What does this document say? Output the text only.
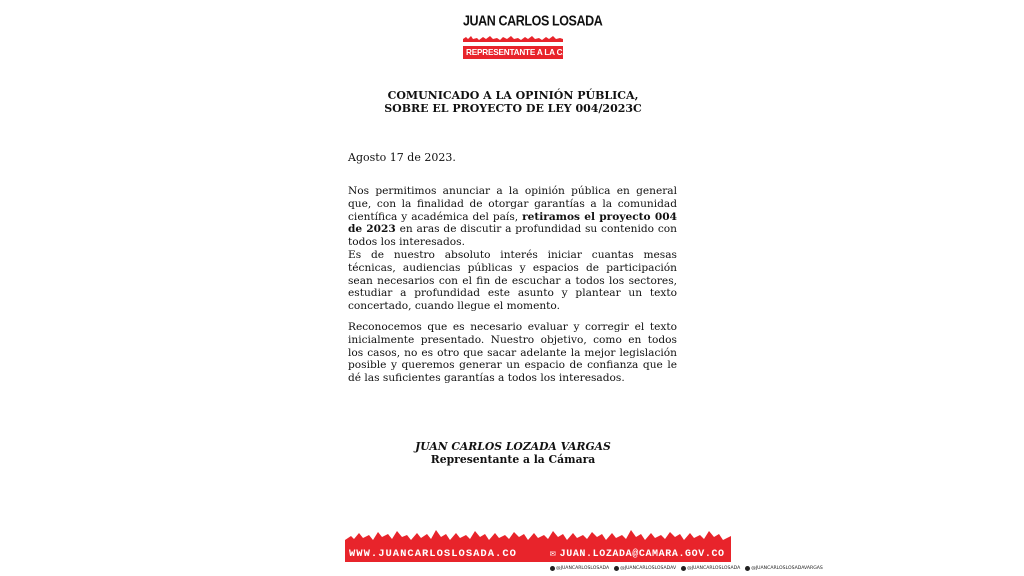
JUAN CARLOS LOSADA
REPRESENTANTE A LA CÁMARA
COMUNICADO A LA OPINIÓN PÚBLICA,
SOBRE EL PROYECTO DE LEY 004/2023C
Agosto 17 de 2023.

Nos permitimos anunciar a la opinión pública en general que, con la finalidad de otorgar garantías a la comunidad científica y académica del país, retiramos el proyecto 004 de 2023 en aras de discutir a profundidad su contenido con todos los interesados.

Es de nuestro absoluto interés iniciar cuantas mesas técnicas, audiencias públicas y espacios de participación sean necesarios con el fin de escuchar a todos los sectores, estudiar a profundidad este asunto y plantear un texto concertado, cuando llegue el momento.

Reconocemos que es necesario evaluar y corregir el texto inicialmente presentado. Nuestro objetivo, como en todos los casos, no es otro que sacar adelante la mejor legislación posible y queremos generar un espacio de confianza que le dé las suficientes garantías a todos los interesados.

JUAN CARLOS LOZADA VARGAS
Representante a la Cámara
WWW.JUANCARLOSLOSADA.CO	✉ JUAN.LOZADA@CAMARA.GOV.CO
@JUANCARLOSLOSADA @JUANCARLOSLOSADAV @JUANCARLOSLOSADA @JUANCARLOSLOSADAVARGAS
